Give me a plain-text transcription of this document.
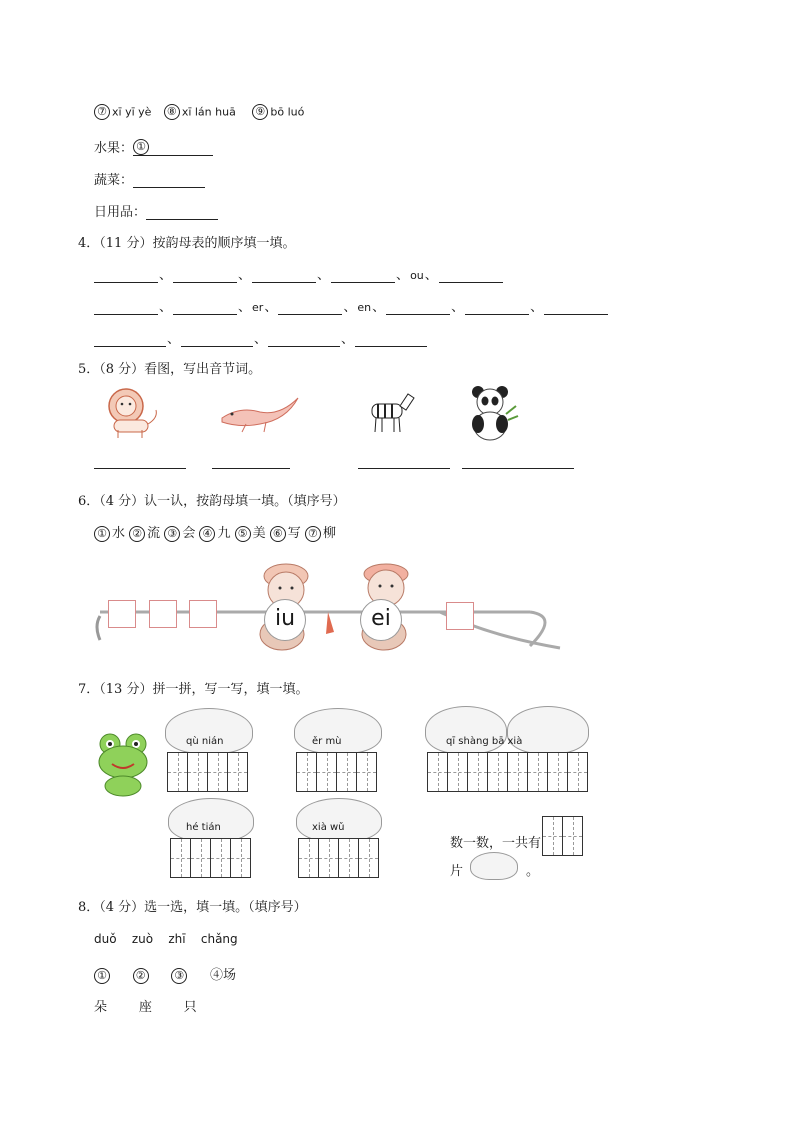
⑦ xī yī yè ⑧ xī lán huā ⑨ bō luó
水果： ①
蔬菜：
日用品：
4．（11 分）按韵母表的顺序填一填。
、	、	、	、ou、
、	、er、	、en、	、	、
、	、	、
5．（8 分）看图，写出音节词。
6．（4 分）认一认，按韵母填一填。（填序号）
① 水 ② 流 ③ 会 ④ 九 ⑤ 美 ⑥ 写 ⑦ 柳
iu	ei
7．（13 分）拼一拼，写一写，填一填。
qù nián	ěr mù	qī shàng bā xià
hé tián	xià wǔ
数一数，一共有
片	。
8．（4 分）选一选，填一填。（填序号）
duǒ zuò zhī chǎng
①	②	③ ④场
朵 座 只
